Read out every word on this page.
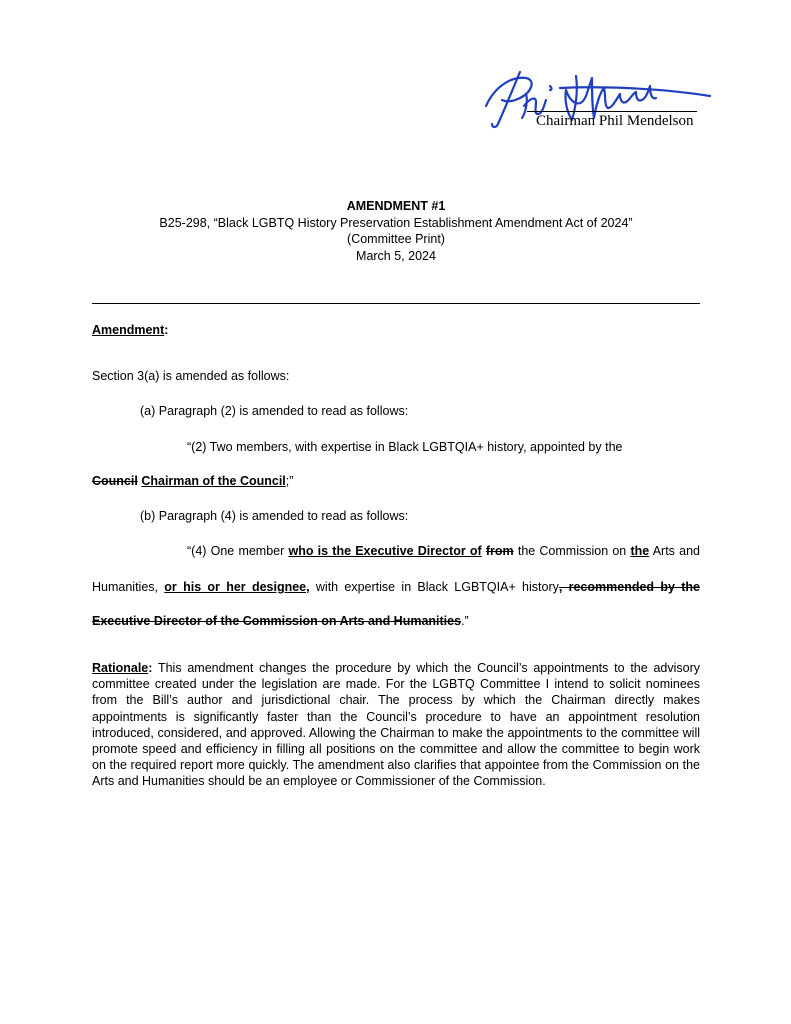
Chairman Phil Mendelson
AMENDMENT #1
B25-298, “Black LGBTQ History Preservation Establishment Amendment Act of 2024”
(Committee Print)
March 5, 2024
Amendment:
Section 3(a) is amended as follows:
(a) Paragraph (2) is amended to read as follows:
“(2) Two members, with expertise in Black LGBTQIA+ history, appointed by the
Council Chairman of the Council;”
(b) Paragraph (4) is amended to read as follows:
“(4) One member who is the Executive Director of from the Commission on the Arts and
Humanities, or his or her designee, with expertise in Black LGBTQIA+ history, recommended by the
Executive Director of the Commission on Arts and Humanities.”
Rationale: This amendment changes the procedure by which the Council’s appointments to the advisory committee created under the legislation are made. For the LGBTQ Committee I intend to solicit nominees from the Bill’s author and jurisdictional chair. The process by which the Chairman directly makes appointments is significantly faster than the Council’s procedure to have an appointment resolution introduced, considered, and approved. Allowing the Chairman to make the appointments to the committee will promote speed and efficiency in filling all positions on the committee and allow the committee to begin work on the required report more quickly. The amendment also clarifies that appointee from the Commission on the Arts and Humanities should be an employee or Commissioner of the Commission.
